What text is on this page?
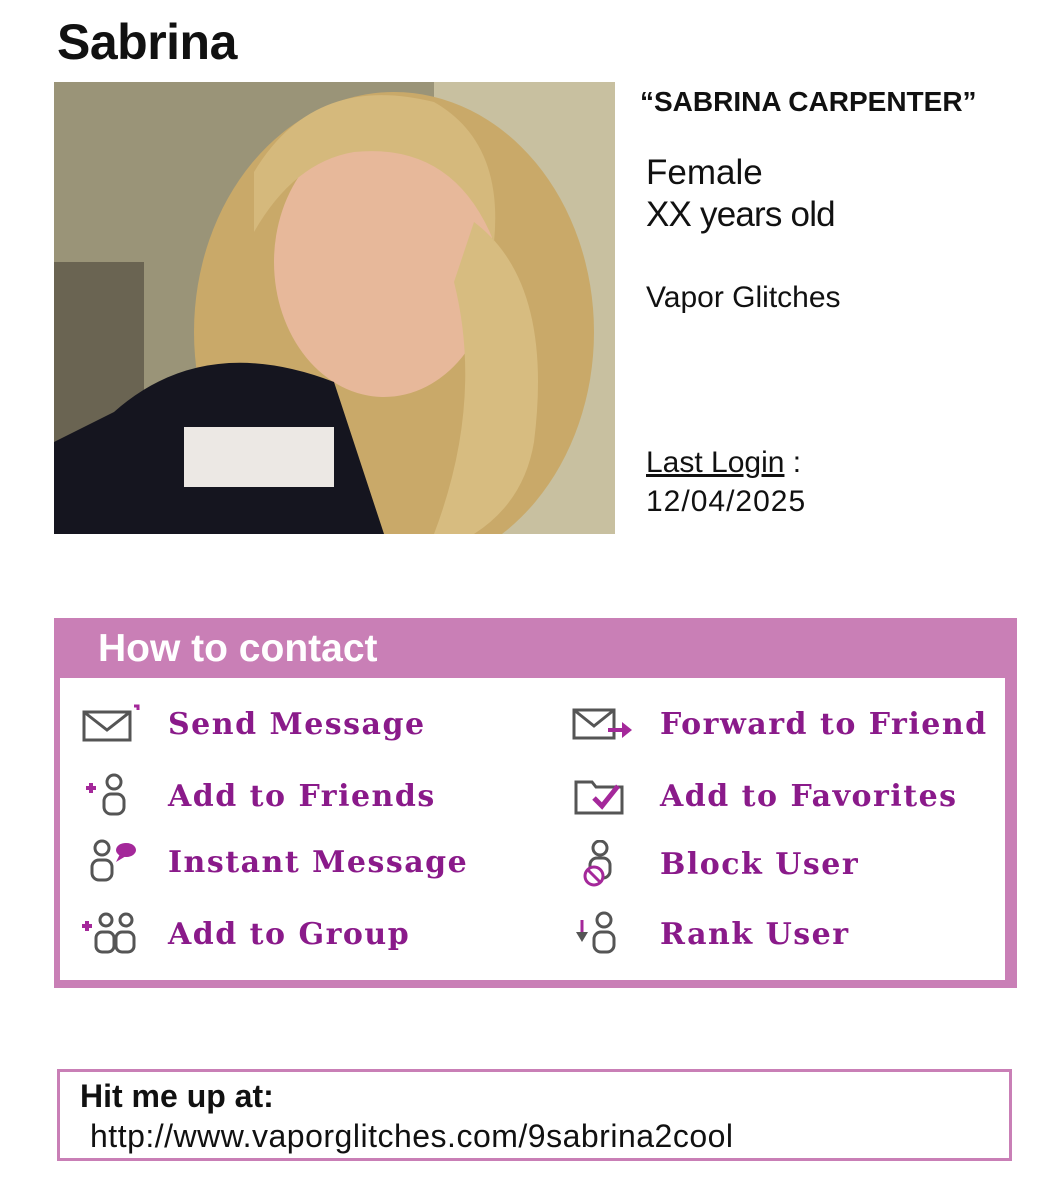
Sabrina
“SABRINA CARPENTER”
Female
XX years old
Vapor Glitches
Last Login :
12/04/2025
How to contact
Send Message	Forward to Friend
Add to Friends	Add to Favorites
Instant Message	Block User
Add to Group	Rank User
Hit me up at:
http://www.vaporglitches.com/9sabrina2cool
